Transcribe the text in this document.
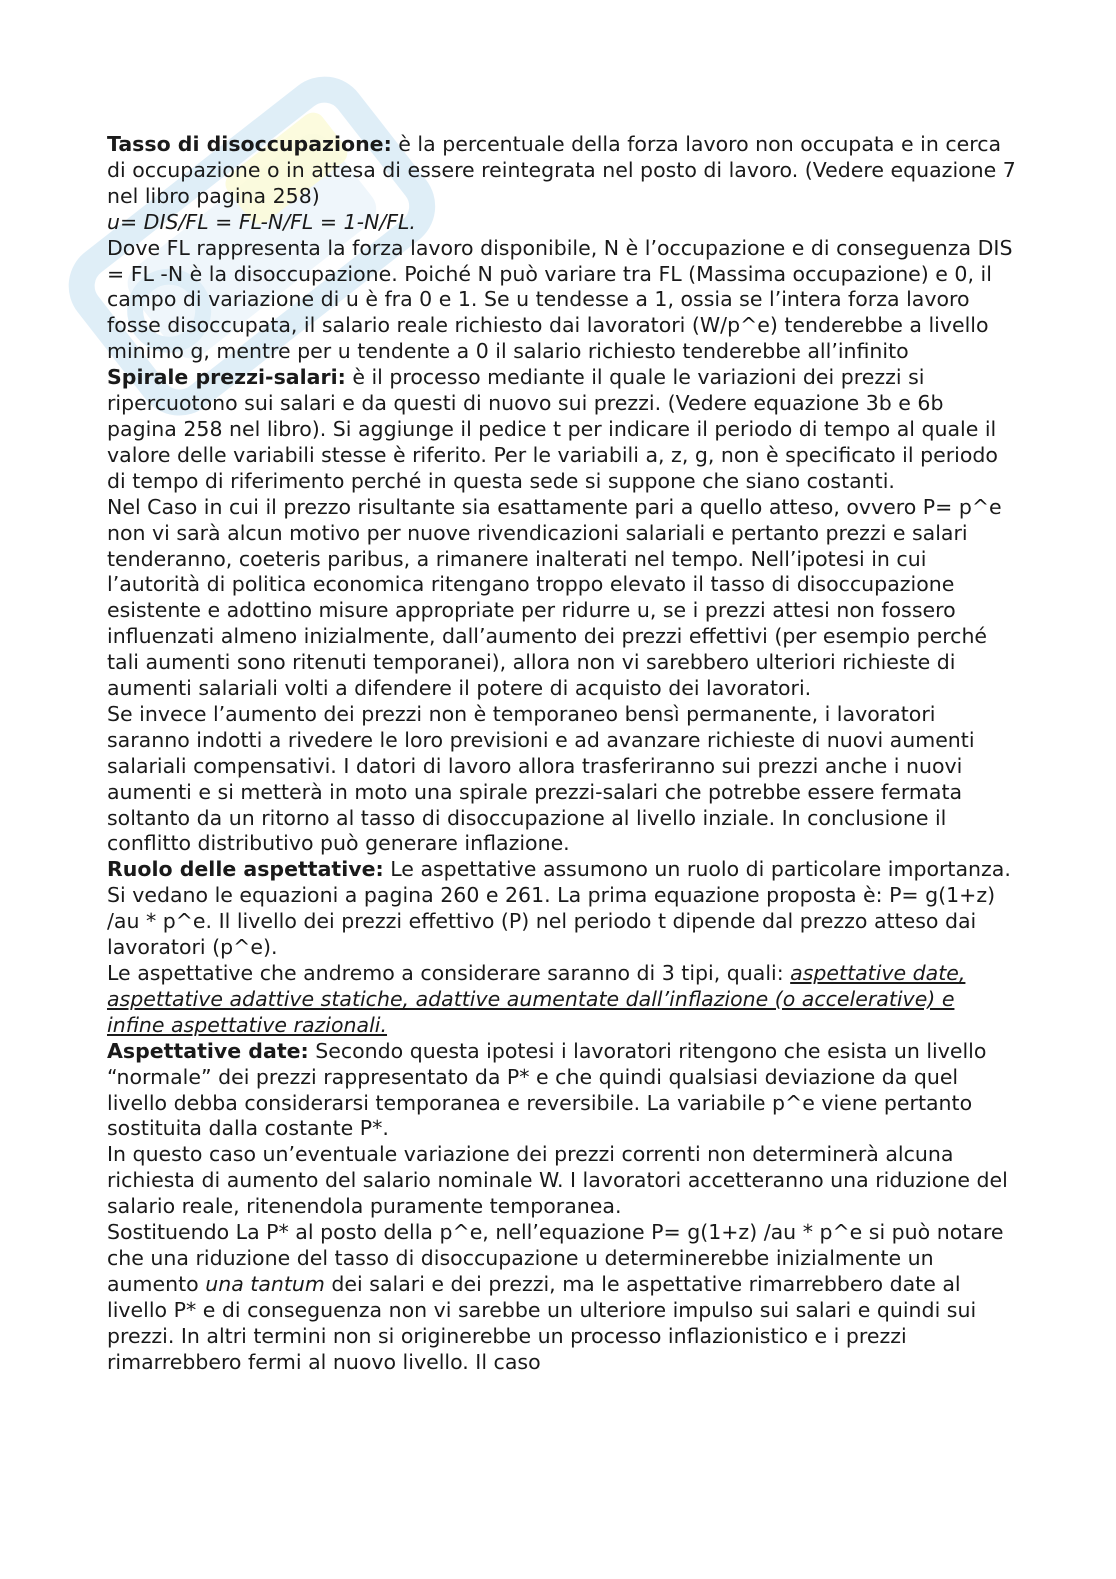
Tasso di disoccupazione: è la percentuale della forza lavoro non occupata e in cerca di occupazione o in attesa di essere reintegrata nel posto di lavoro. (Vedere equazione 7 nel libro pagina 258)

u= DIS/FL = FL-N/FL = 1-N/FL.

Dove FL rappresenta la forza lavoro disponibile, N è l’occupazione e di conseguenza DIS = FL -N è la disoccupazione. Poiché N può variare tra FL (Massima occupazione) e 0, il campo di variazione di u è fra 0 e 1. Se u tendesse a 1, ossia se l’intera forza lavoro fosse disoccupata, il salario reale richiesto dai lavoratori (W/p^e) tenderebbe a livello minimo g, mentre per u tendente a 0 il salario richiesto tenderebbe all’infinito

Spirale prezzi-salari: è il processo mediante il quale le variazioni dei prezzi si ripercuotono sui salari e da questi di nuovo sui prezzi. (Vedere equazione 3b e 6b pagina 258 nel libro). Si aggiunge il pedice t per indicare il periodo di tempo al quale il valore delle variabili stesse è riferito. Per le variabili a, z, g, non è specificato il periodo di tempo di riferimento perché in questa sede si suppone che siano costanti.

Nel Caso in cui il prezzo risultante sia esattamente pari a quello atteso, ovvero P= p^e non vi sarà alcun motivo per nuove rivendicazioni salariali e pertanto prezzi e salari tenderanno, coeteris paribus, a rimanere inalterati nel tempo. Nell’ipotesi in cui l’autorità di politica economica ritengano troppo elevato il tasso di disoccupazione esistente e adottino misure appropriate per ridurre u, se i prezzi attesi non fossero influenzati almeno inizialmente, dall’aumento dei prezzi effettivi (per esempio perché tali aumenti sono ritenuti temporanei), allora non vi sarebbero ulteriori richieste di aumenti salariali volti a difendere il potere di acquisto dei lavoratori.

Se invece l’aumento dei prezzi non è temporaneo bensì permanente, i lavoratori saranno indotti a rivedere le loro previsioni e ad avanzare richieste di nuovi aumenti salariali compensativi. I datori di lavoro allora trasferiranno sui prezzi anche i nuovi aumenti e si metterà in moto una spirale prezzi-salari che potrebbe essere fermata soltanto da un ritorno al tasso di disoccupazione al livello inziale. In conclusione il conflitto distributivo può generare inflazione.

Ruolo delle aspettative: Le aspettative assumono un ruolo di particolare importanza. Si vedano le equazioni a pagina 260 e 261. La prima equazione proposta è: P= g(1+z) /au * p^e. Il livello dei prezzi effettivo (P) nel periodo t dipende dal prezzo atteso dai lavoratori (p^e).

Le aspettative che andremo a considerare saranno di 3 tipi, quali: aspettative date, aspettative adattive statiche, adattive aumentate dall’inflazione (o accelerative) e infine aspettative razionali.

Aspettative date: Secondo questa ipotesi i lavoratori ritengono che esista un livello “normale” dei prezzi rappresentato da P* e che quindi qualsiasi deviazione da quel livello debba considerarsi temporanea e reversibile. La variabile p^e viene pertanto sostituita dalla costante P*.

In questo caso un’eventuale variazione dei prezzi correnti non determinerà alcuna richiesta di aumento del salario nominale W. I lavoratori accetteranno una riduzione del salario reale, ritenendola puramente temporanea.

Sostituendo La P* al posto della p^e, nell’equazione P= g(1+z) /au * p^e si può notare che una riduzione del tasso di disoccupazione u determinerebbe inizialmente un aumento una tantum dei salari e dei prezzi, ma le aspettative rimarrebbero date al livello P* e di conseguenza non vi sarebbe un ulteriore impulso sui salari e quindi sui prezzi. In altri termini non si originerebbe un processo inflazionistico e i prezzi rimarrebbero fermi al nuovo livello. Il caso
